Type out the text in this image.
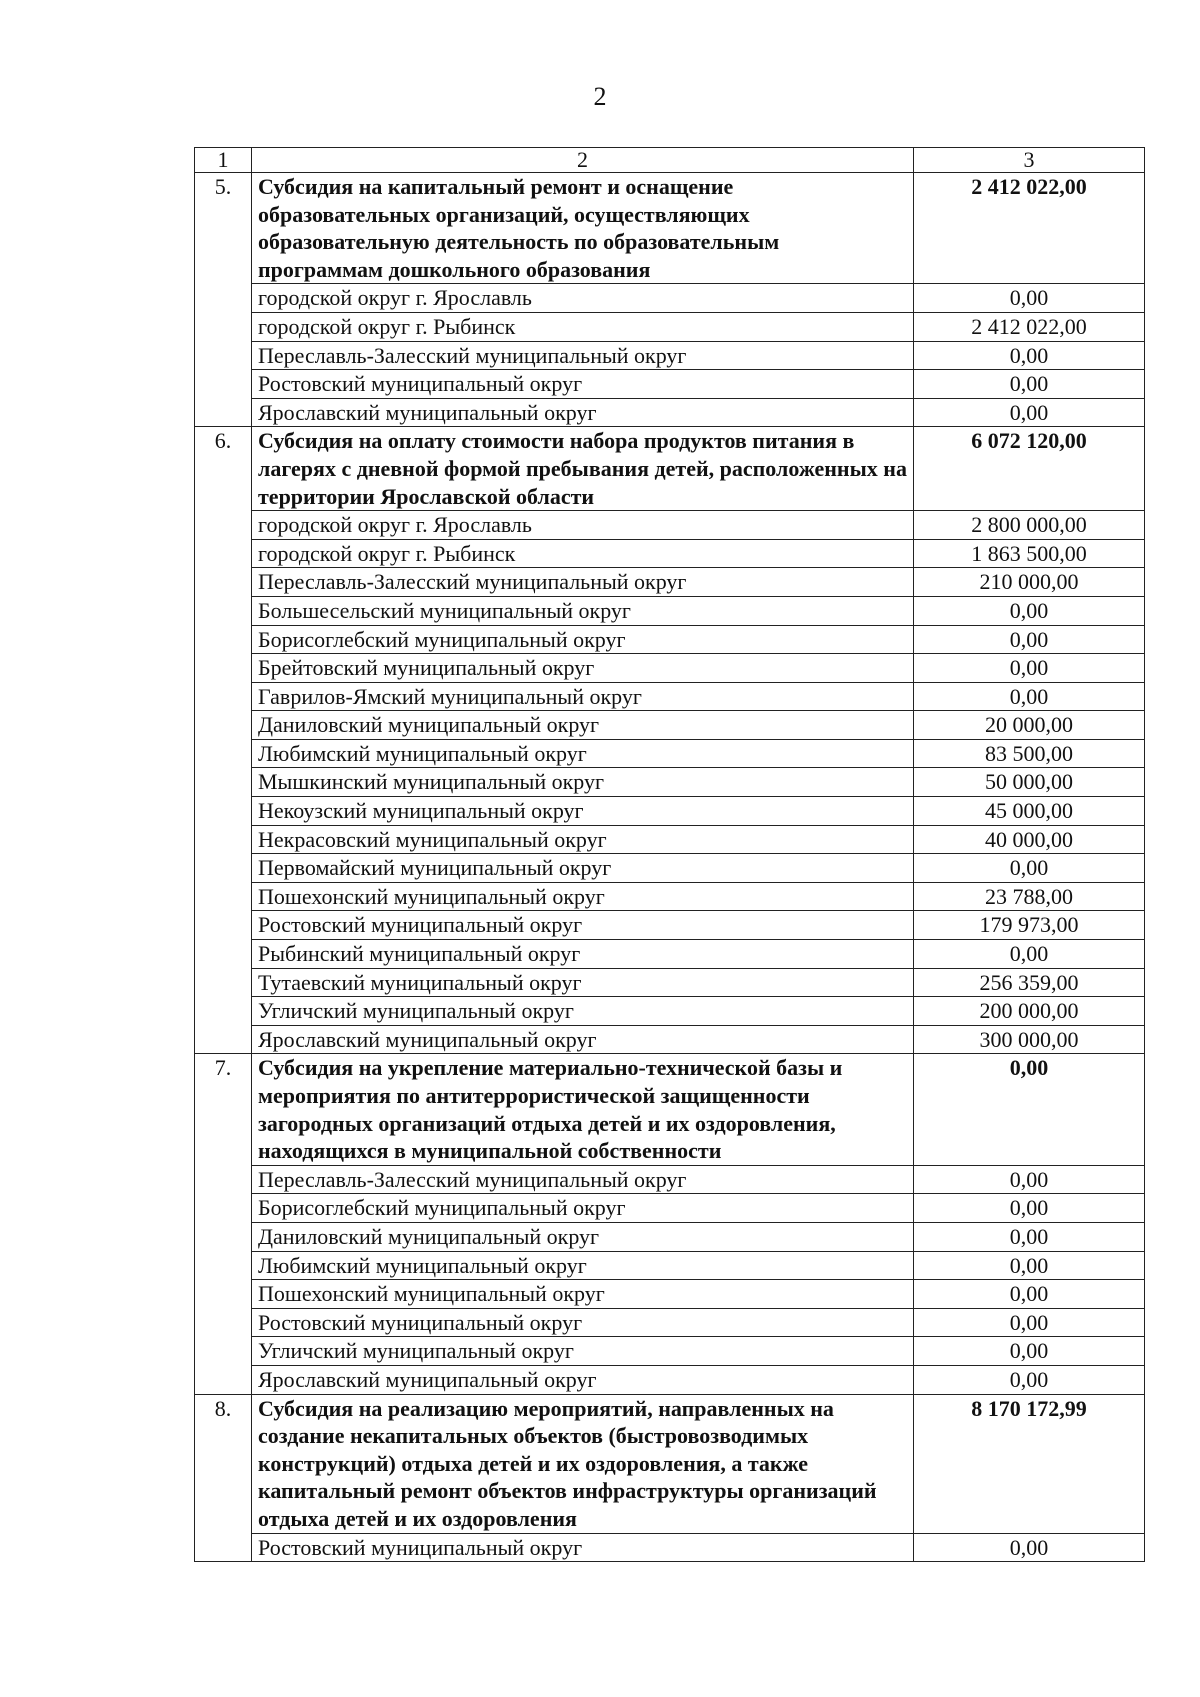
2
1	2	3
5.	Субсидия на капитальный ремонт и оснащение образовательных организаций, осуществляющих образовательную деятельность по образовательным программам дошкольного образования	2 412 022,00
	городской округ г. Ярославль	0,00
	городской округ г. Рыбинск	2 412 022,00
	Переславль-Залесский муниципальный округ	0,00
	Ростовский муниципальный округ	0,00
	Ярославский муниципальный округ	0,00
6.	Субсидия на оплату стоимости набора продуктов питания в лагерях с дневной формой пребывания детей, расположенных на территории Ярославской области	6 072 120,00
	городской округ г. Ярославль	2 800 000,00
	городской округ г. Рыбинск	1 863 500,00
	Переславль-Залесский муниципальный округ	210 000,00
	Большесельский муниципальный округ	0,00
	Борисоглебский муниципальный округ	0,00
	Брейтовский муниципальный округ	0,00
	Гаврилов-Ямский муниципальный округ	0,00
	Даниловский муниципальный округ	20 000,00
	Любимский муниципальный округ	83 500,00
	Мышкинский муниципальный округ	50 000,00
	Некоузский муниципальный округ	45 000,00
	Некрасовский муниципальный округ	40 000,00
	Первомайский муниципальный округ	0,00
	Пошехонский муниципальный округ	23 788,00
	Ростовский муниципальный округ	179 973,00
	Рыбинский муниципальный округ	0,00
	Тутаевский муниципальный округ	256 359,00
	Угличский муниципальный округ	200 000,00
	Ярославский муниципальный округ	300 000,00
7.	Субсидия на укрепление материально-технической базы и мероприятия по антитеррористической защищенности загородных организаций отдыха детей и их оздоровления, находящихся в муниципальной собственности	0,00
	Переславль-Залесский муниципальный округ	0,00
	Борисоглебский муниципальный округ	0,00
	Даниловский муниципальный округ	0,00
	Любимский муниципальный округ	0,00
	Пошехонский муниципальный округ	0,00
	Ростовский муниципальный округ	0,00
	Угличский муниципальный округ	0,00
	Ярославский муниципальный округ	0,00
8.	Субсидия на реализацию мероприятий, направленных на создание некапитальных объектов (быстровозводимых конструкций) отдыха детей и их оздоровления, а также капитальный ремонт объектов инфраструктуры организаций отдыха детей и их оздоровления	8 170 172,99
	Ростовский муниципальный округ	0,00
